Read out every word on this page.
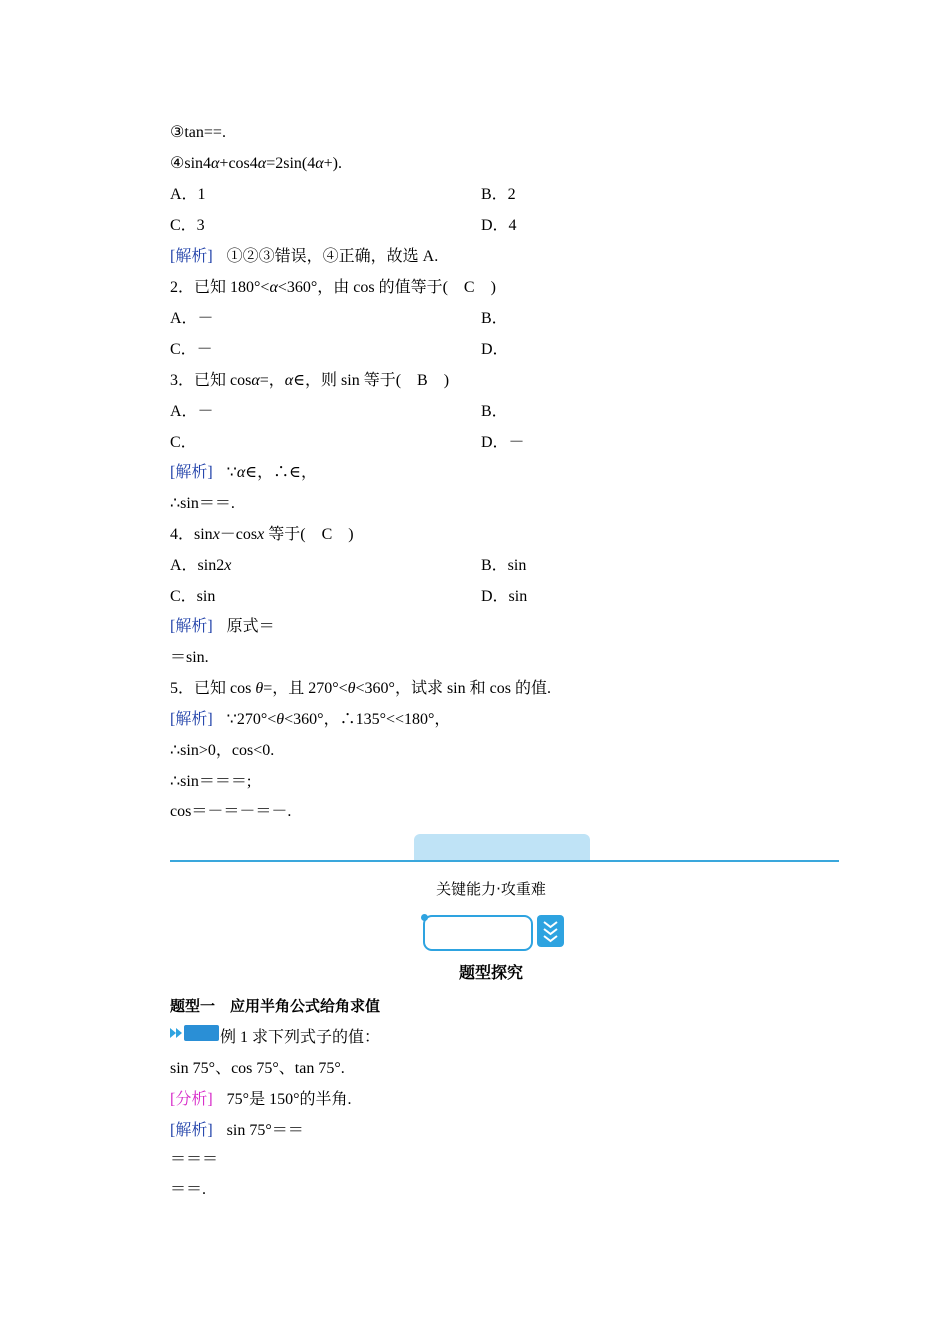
③tan==.
④sin4α+cos4α=2sin(4α+).
A．1	B．2
C．3	D．4
[解析] ①②③错误，④正确，故选 A.
2．已知 180°<α<360°，由 cos 的值等于(　C　)
A．－	B．
C．－	D．
3．已知 cosα=，α∈，则 sin 等于(　B　)
A．－	B．
C．	D．－
[解析] ∵α∈，∴∈，
∴sin＝＝.
4．sinx－cosx 等于(　C　)
A．sin2x	B．sin
C．sin	D．sin
[解析] 原式＝
＝sin.
5．已知 cos θ=，且 270°<θ<360°，试求 sin 和 cos 的值.
[解析] ∵270°<θ<360°，∴135°<<180°，
∴sin>0，cos<0.
∴sin＝＝＝;
cos＝－＝－＝－.
关键能力·攻重难
题型探究
题型一　应用半角公式给角求值
例 1 求下列式子的值：
sin 75°、cos 75°、tan 75°.
[分析] 75°是 150°的半角.
[解析] sin 75°＝＝
＝＝＝
＝＝.
